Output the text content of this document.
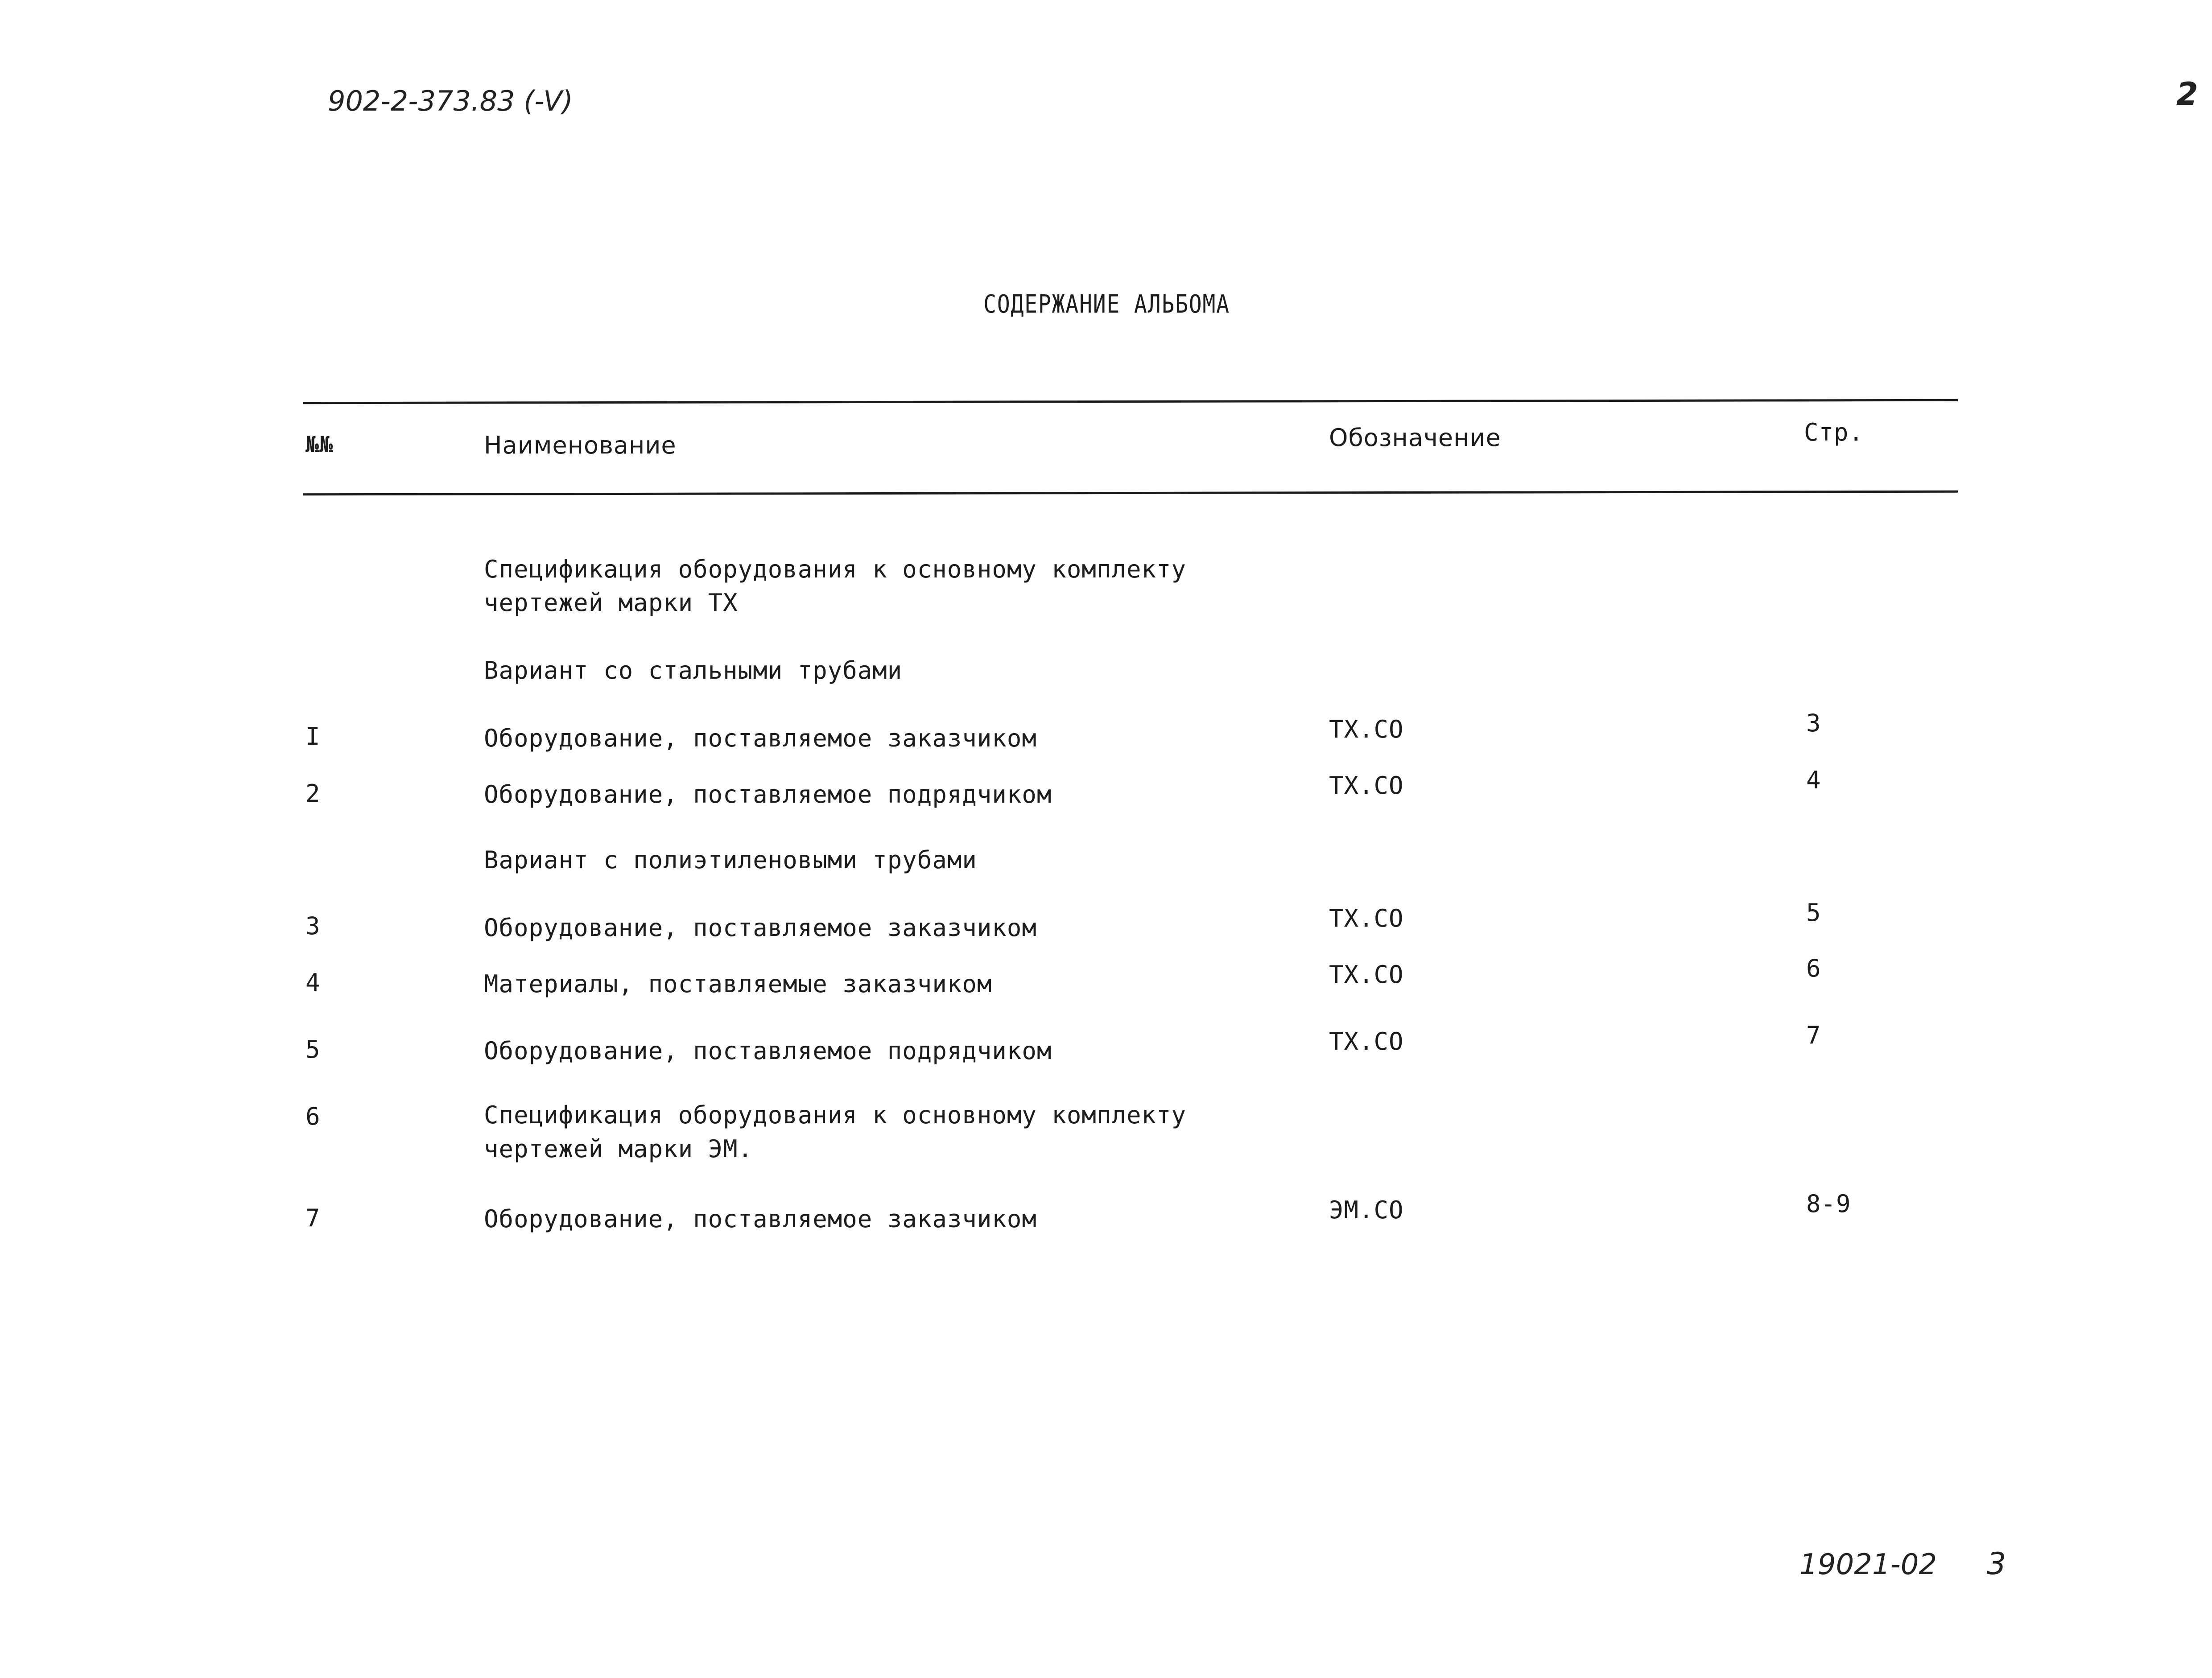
902-2-373.83 (-V)	2
СОДЕРЖАНИЕ АЛЬБОМА
№№	Наименование	Обозначение	Стр.
Спецификация оборудования к основному комплекту
чертежей марки ТХ
Вариант со стальными трубами
I	Оборудование, поставляемое заказчиком	ТХ.СО	3
2	Оборудование, поставляемое подрядчиком	ТХ.СО	4
Вариант с полиэтиленовыми трубами
3	Оборудование, поставляемое заказчиком	ТХ.СО	5
4	Материалы, поставляемые заказчиком	ТХ.СО	6
5	Оборудование, поставляемое подрядчиком	ТХ.СО	7
6	Спецификация оборудования к основному комплекту
чертежей марки ЭМ.
7	Оборудование, поставляемое заказчиком	ЭМ.СО	8-9
19021-02 3
